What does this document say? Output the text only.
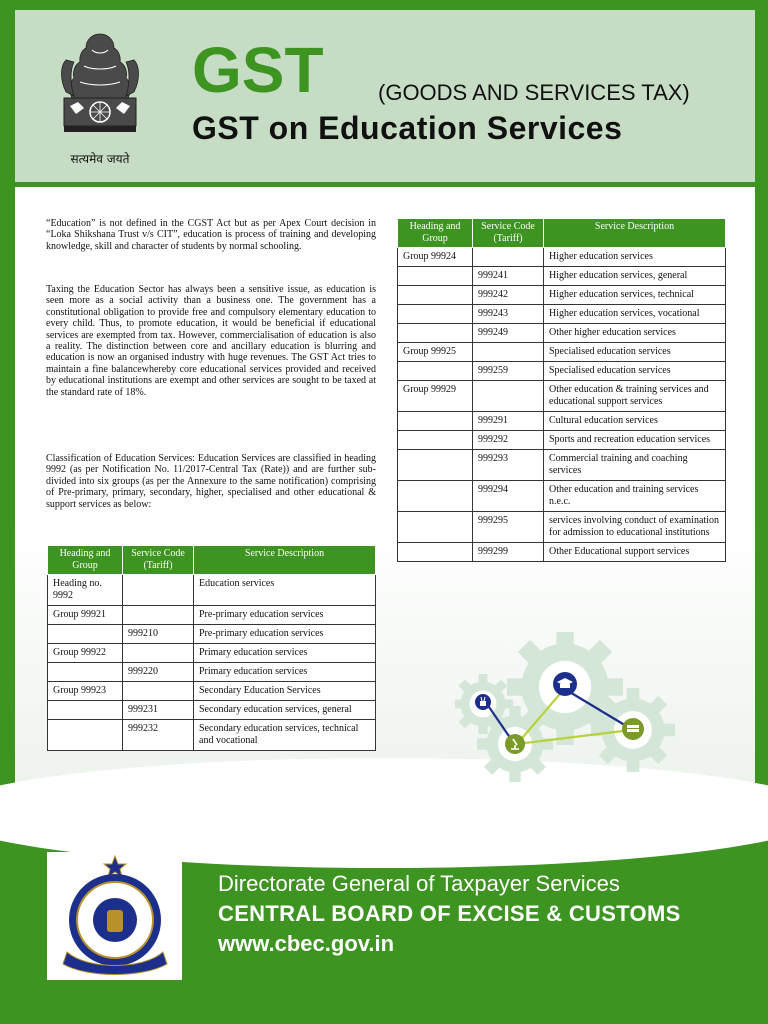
सत्यमेव जयते
GST (GOODS AND SERVICES TAX)
GST on Education Services

“Education” is not defined in the CGST Act but as per Apex Court decision in “Loka Shikshana Trust v/s CIT”, education is process of training and developing knowledge, skill and character of students by normal schooling.

Taxing the Education Sector has always been a sensitive issue, as education is seen more as a social activity than a business one. The government has a constitutional obligation to provide free and compulsory elementary education to every child. Thus, to promote education, it would be beneficial if educational services are exempted from tax. However, commercialisation of education is also a reality. The distinction between core and ancillary education is blurring and education is now an organised industry with huge revenues. The GST Act tries to maintain a fine balancewhereby core educational services provided and received by educational institutions are exempt and other services are sought to be taxed at the standard rate of 18%.

Classification of Education Services: Education Services are classified in heading 9992 (as per Notification No. 11/2017-Central Tax (Rate)) and are further sub-divided into six groups (as per the Annexure to the same notification) comprising of Pre-primary, primary, secondary, higher, specialised and other educational & support services as below:

Heading and Group	Service Code (Tariff)	Service Description
Heading no. 9992		Education services
Group 99921		Pre-primary education services
	999210	Pre-primary education services
Group 99922		Primary education services
	999220	Primary education services
Group 99923		Secondary Education Services
	999231	Secondary education services, general
	999232	Secondary education services, technical and vocational
Heading and Group	Service Code (Tariff)	Service Description
Group 99924		Higher education services
	999241	Higher education services, general
	999242	Higher education services, technical
	999243	Higher education services, vocational
	999249	Other higher education services
Group 99925		Specialised education services
	999259	Specialised education services
Group 99929		Other education & training services and educational support services
	999291	Cultural education services
	999292	Sports and recreation education services
	999293	Commercial training and coaching services
	999294	Other education and training services n.e.c.
	999295	services involving conduct of examination for admission to educational institutions
	999299	Other Educational support services
Directorate General of Taxpayer Services
CENTRAL BOARD OF EXCISE & CUSTOMS
www.cbec.gov.in
